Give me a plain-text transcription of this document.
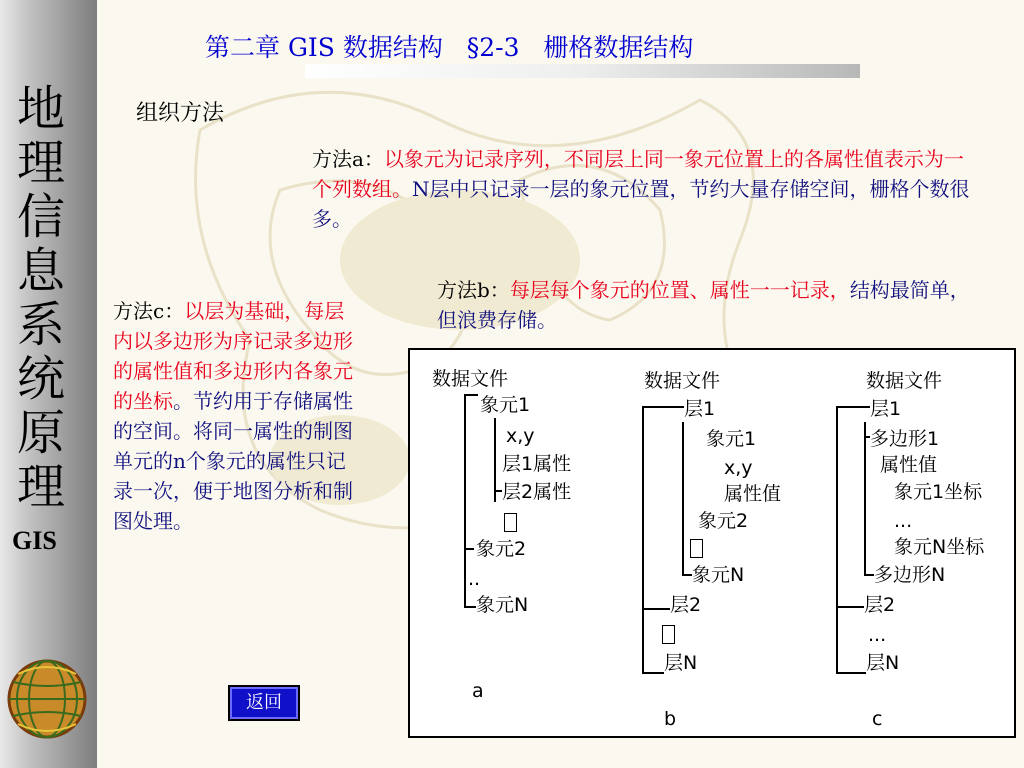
地理信息系统原理
GIS
第二章 GIS 数据结构 §2-3 栅格数据结构
组织方法
方法a：以象元为记录序列，不同层上同一象元位置上的各属性值表示为一个列数组。N层中只记录一层的象元位置，节约大量存储空间，栅格个数很多。
方法b：每层每个象元的位置、属性一一记录，结构最简单，但浪费存储。
方法c：以层为基础，每层内以多边形为序记录多边形的属性值和多边形内各象元的坐标。节约用于存储属性的空间。将同一属性的制图单元的n个象元的属性只记录一次，便于地图分析和制图处理。
数据文件
象元1
x,y
层1属性
层2属性
象元2
..
象元N
a
数据文件
层1
象元1
x,y
属性值
象元2
象元N
层2
层N
b
数据文件
层1
多边形1
属性值
象元1坐标
...
象元N坐标
多边形N
层2
...
层N
c
返回
